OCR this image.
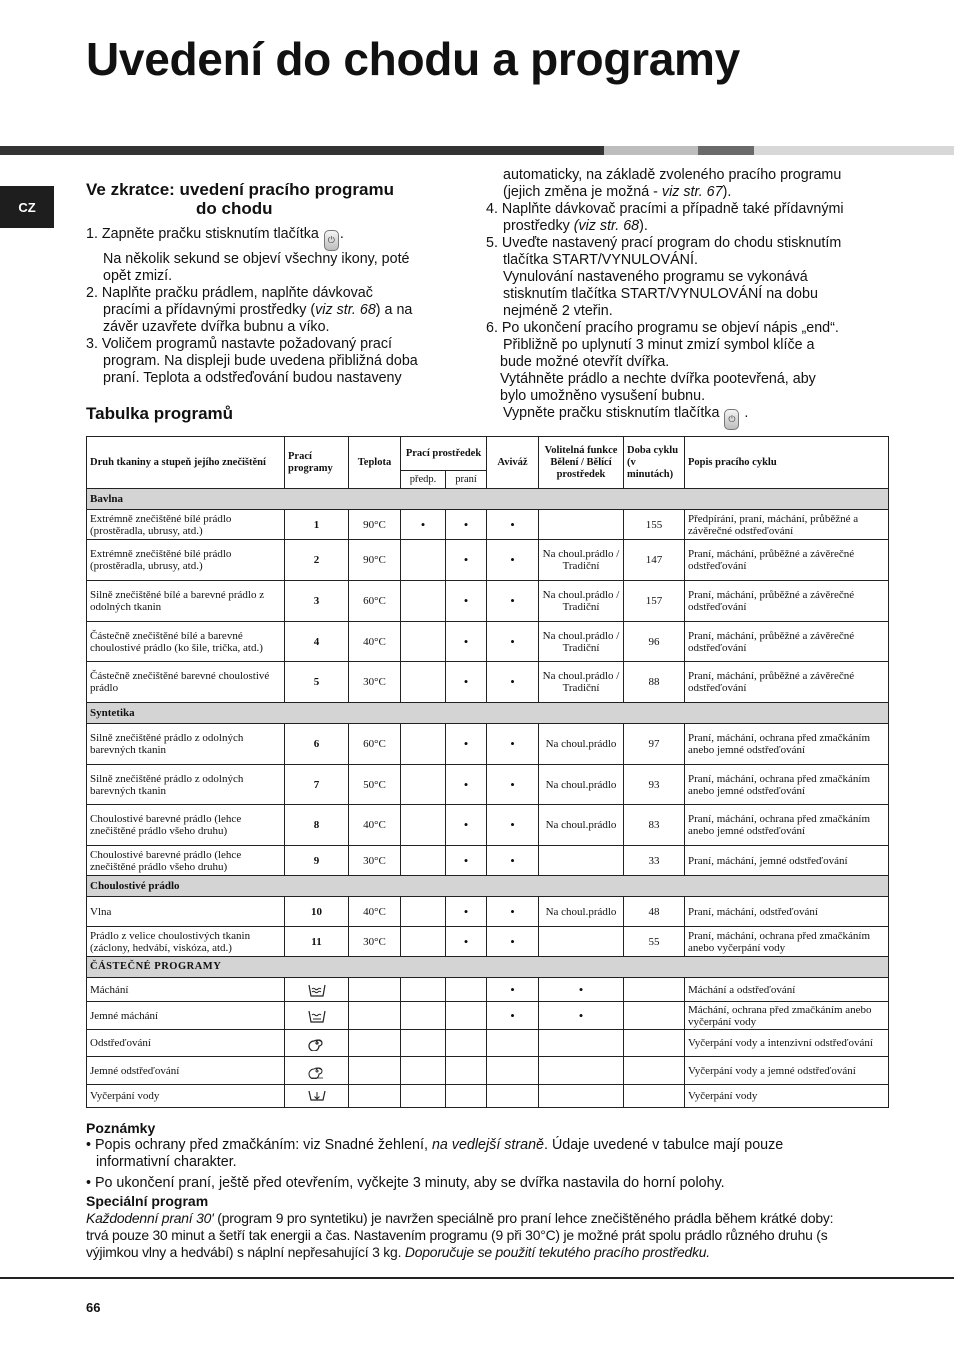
Uvedení do chodu a programy
CZ
Ve zkratce: uvedení pracího programu
do chodu
1. Zapněte pračku stisknutím tlačítka ⏻ .
Na několik sekund se objeví všechny ikony, poté
opět zmizí.
2. Naplňte pračku prádlem, naplňte dávkovač
pracími a přídavnými prostředky (viz str. 68) a na
závěr uzavřete dvířka bubnu a víko.
3. Voličem programů nastavte požadovaný prací
program. Na displeji bude uvedena přibližná doba
praní. Teplota a odstřeďování budou nastaveny
automaticky, na základě zvoleného pracího programu
(jejich změna je možná - viz str. 67).
4. Naplňte dávkovač pracími a případně také přídavnými
prostředky (viz str. 68).
5. Uveďte nastavený prací program do chodu stisknutím
tlačítka START/VYNULOVÁNÍ.
Vynulování nastaveného programu se vykonává
stisknutím tlačítka START/VYNULOVÁNÍ na dobu
nejméně 2 vteřin.
6. Po ukončení pracího programu se objeví nápis „end“.
Přibližně po uplynutí 3 minut zmizí symbol klíče a
bude možné otevřít dvířka.
Vytáhněte prádlo a nechte dvířka pootevřená, aby
bylo umožněno vysušení bubnu.
Vypněte pračku stisknutím tlačítka ⏻ .
Tabulka programů
Druh tkaniny a stupeň jejího znečištění	Prací programy	Teplota	Prací prostředek		Aviváž	Volitelná funkce Bělení / Bělící prostředek	Doba cyklu (v minutách)	Popis pracího cyklu
			předp.	praní				
Bavlna								
Extrémně znečištěné bílé prádlo (prostěradla, ubrusy, atd.)	1	90°C	•	•	•		155	Předpírání, praní, máchání, průběžné a závěrečné odstřeďování
Extrémně znečištěné bílé prádlo (prostěradla, ubrusy, atd.)	2	90°C		•	•	Na choul.prádlo / Tradiční	147	Praní, máchání, průběžné a závěrečné odstřeďování
Silně znečištěné bílé a barevné prádlo z odolných tkanin	3	60°C		•	•	Na choul.prádlo / Tradiční	157	Praní, máchání, průběžné a závěrečné odstřeďování
Částečně znečištěné bílé a barevné choulostivé prádlo (ko šile, trička, atd.)	4	40°C		•	•	Na choul.prádlo / Tradiční	96	Praní, máchání, průběžné a závěrečné odstřeďování
Částečně znečištěné barevné choulostivé prádlo	5	30°C		•	•	Na choul.prádlo / Tradiční	88	Praní, máchání, průběžné a závěrečné odstřeďování
Syntetika								
Silně znečištěné prádlo z odolných barevných tkanin	6	60°C		•	•	Na choul.prádlo	97	Praní, máchání, ochrana před zmačkáním anebo jemné odstřeďování
Silně znečištěné prádlo z odolných barevných tkanin	7	50°C		•	•	Na choul.prádlo	93	Praní, máchání, ochrana před zmačkáním anebo jemné odstřeďování
Choulostivé barevné prádlo (lehce znečištěné prádlo všeho druhu)	8	40°C		•	•	Na choul.prádlo	83	Praní, máchání, ochrana před zmačkáním anebo jemné odstřeďování
Choulostivé barevné prádlo (lehce znečištěné prádlo všeho druhu)	9	30°C		•	•		33	Praní, máchání, jemné odstřeďování
Choulostivé prádlo								
Vlna	10	40°C		•	•	Na choul.prádlo	48	Praní, máchání, odstřeďování
Prádlo z velice choulostivých tkanin (záclony, hedvábí, viskóza, atd.)	11	30°C		•	•		55	Praní, máchání, ochrana před zmačkáním anebo vyčerpání vody
ČÁSTEČNÉ PROGRAMY								
Máchání					•	•		Máchání a odstřeďování
Jemné máchání					•	•		Máchání, ochrana před zmačkáním anebo vyčerpání vody
Odstřeďování								Vyčerpání vody a intenzivní odstřeďování
Jemné odstřeďování								Vyčerpání vody a jemné odstřeďování
Vyčerpání vody								Vyčerpání vody
Poznámky
• Popis ochrany před zmačkáním: viz Snadné žehlení, na vedlejší straně. Údaje uvedené v tabulce mají pouze
informativní charakter.
• Po ukončení praní, ještě před otevřením, vyčkejte 3 minuty, aby se dvířka nastavila do horní polohy.
Speciální program
Každodenní praní 30' (program 9 pro syntetiku) je navržen speciálně pro praní lehce znečištěného prádla během krátké doby:
trvá pouze 30 minut a šetří tak energii a čas. Nastavením programu (9 při 30°C) je možné prát spolu prádlo různého druhu (s
výjimkou vlny a hedvábí) s náplní nepřesahující 3 kg. Doporučuje se použití tekutého pracího prostředku.
66
